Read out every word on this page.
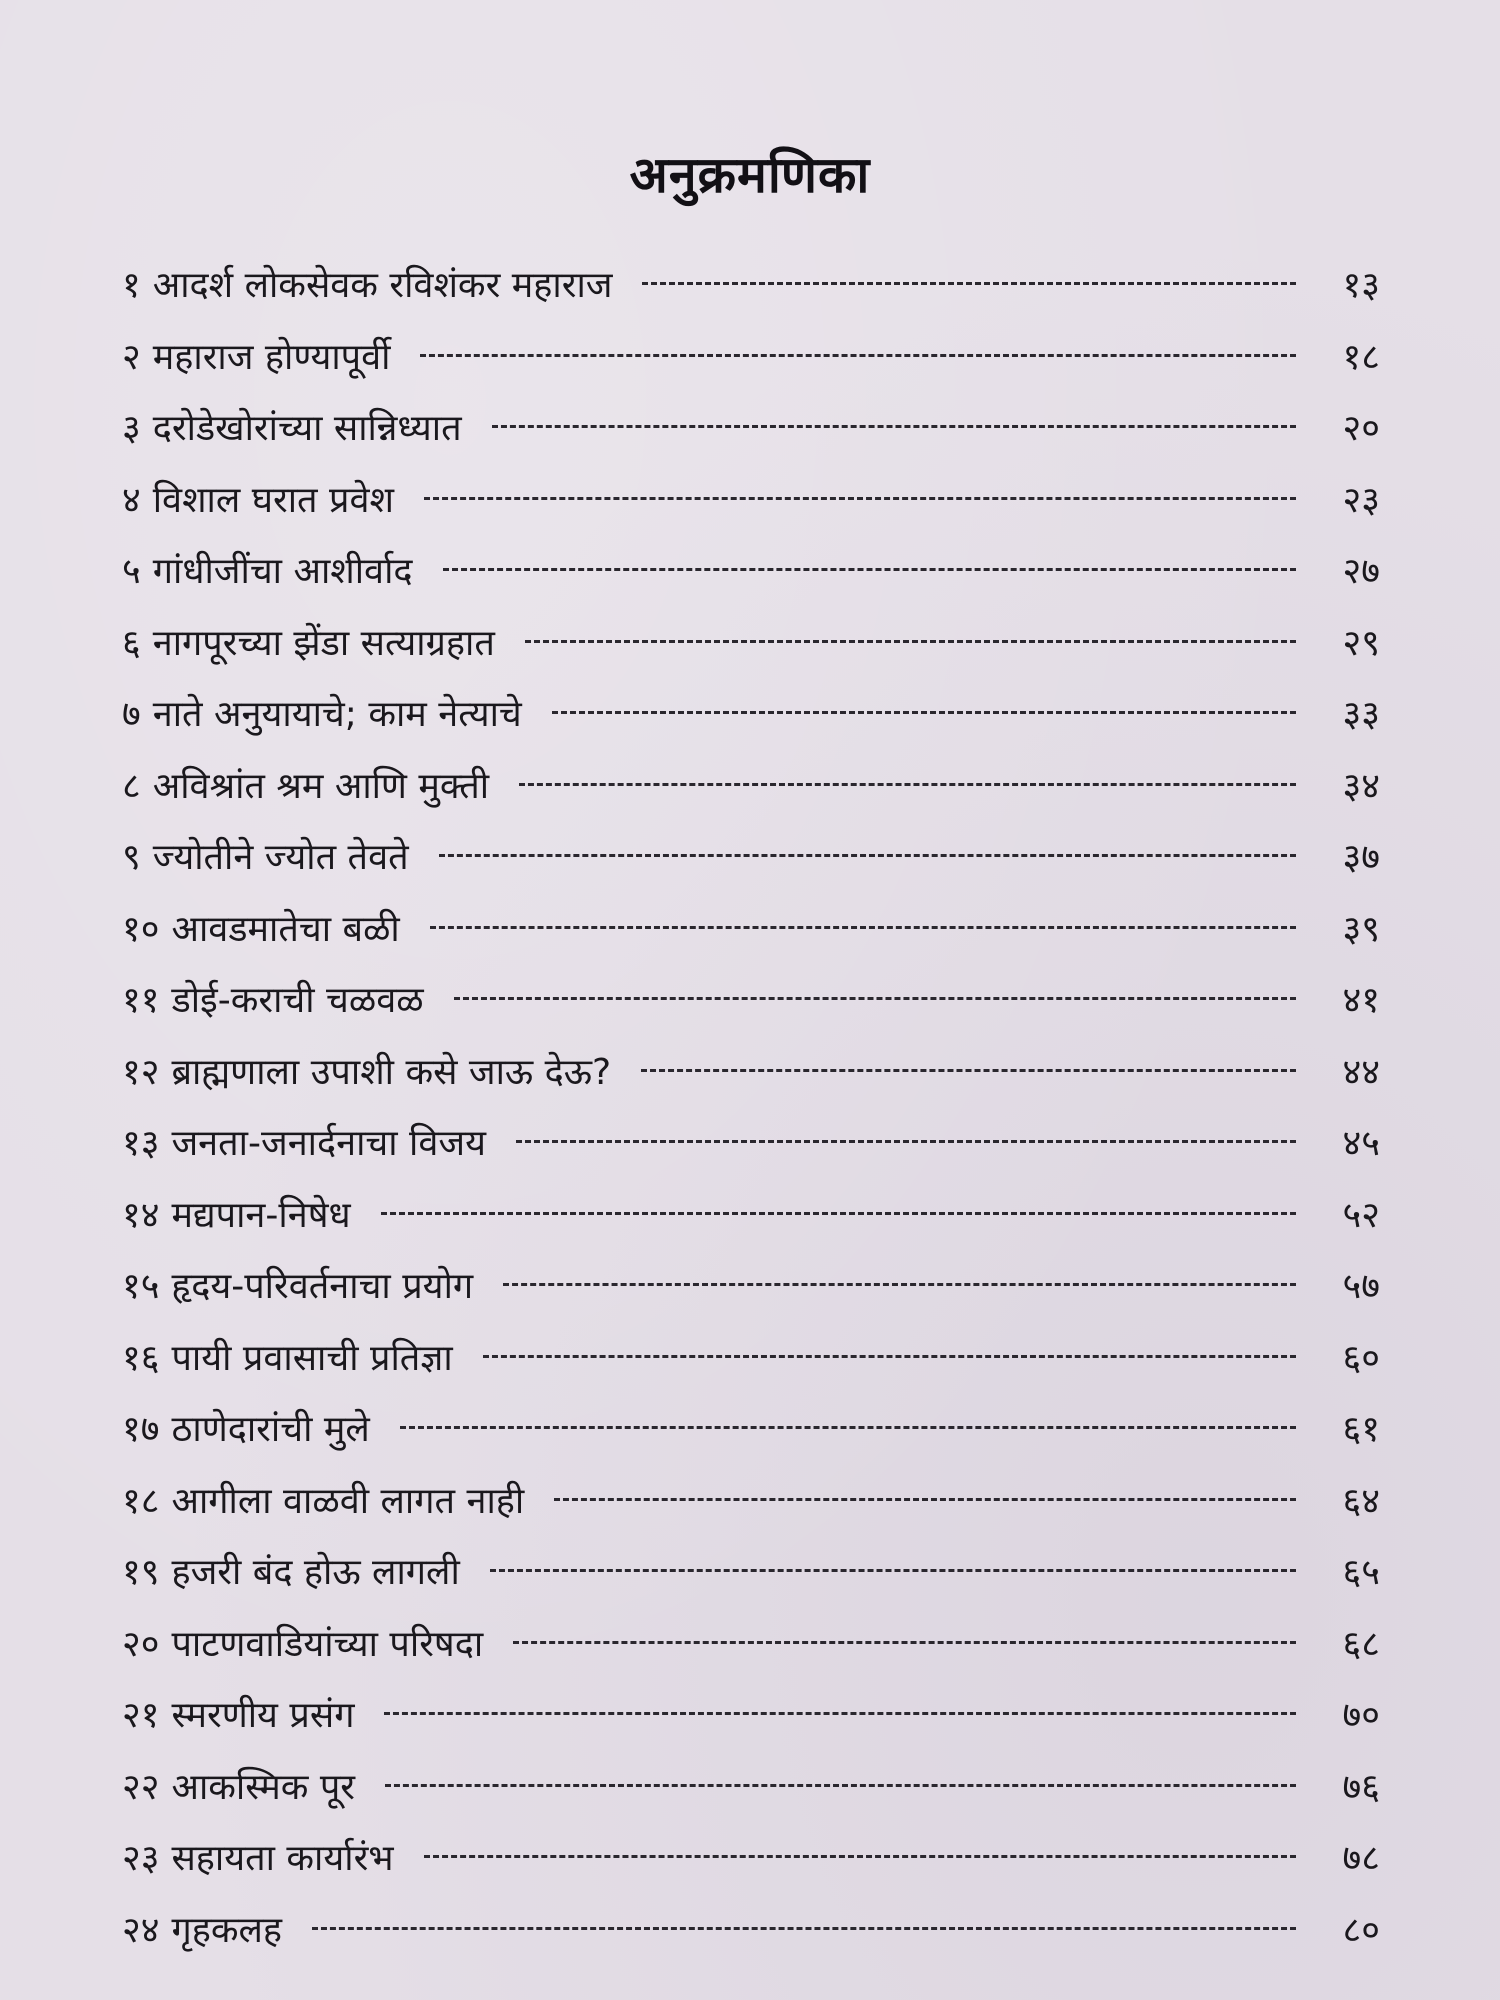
अनुक्रमणिका
१ आदर्श लोकसेवक रविशंकर महाराज	१३
२ महाराज होण्यापूर्वी	१८
३ दरोडेखोरांच्या सान्निध्यात	२०
४ विशाल घरात प्रवेश	२३
५ गांधीजींचा आशीर्वाद	२७
६ नागपूरच्या झेंडा सत्याग्रहात	२९
७ नाते अनुयायाचे; काम नेत्याचे	३३
८ अविश्रांत श्रम आणि मुक्ती	३४
९ ज्योतीने ज्योत तेवते	३७
१० आवडमातेचा बळी	३९
११ डोई-कराची चळवळ	४१
१२ ब्राह्मणाला उपाशी कसे जाऊ देऊ?	४४
१३ जनता-जनार्दनाचा विजय	४५
१४ मद्यपान-निषेध	५२
१५ हृदय-परिवर्तनाचा प्रयोग	५७
१६ पायी प्रवासाची प्रतिज्ञा	६०
१७ ठाणेदारांची मुले	६१
१८ आगीला वाळवी लागत नाही	६४
१९ हजरी बंद होऊ लागली	६५
२० पाटणवाडियांच्या परिषदा	६८
२१ स्मरणीय प्रसंग	७०
२२ आकस्मिक पूर	७६
२३ सहायता कार्यारंभ	७८
२४ गृहकलह	८०
